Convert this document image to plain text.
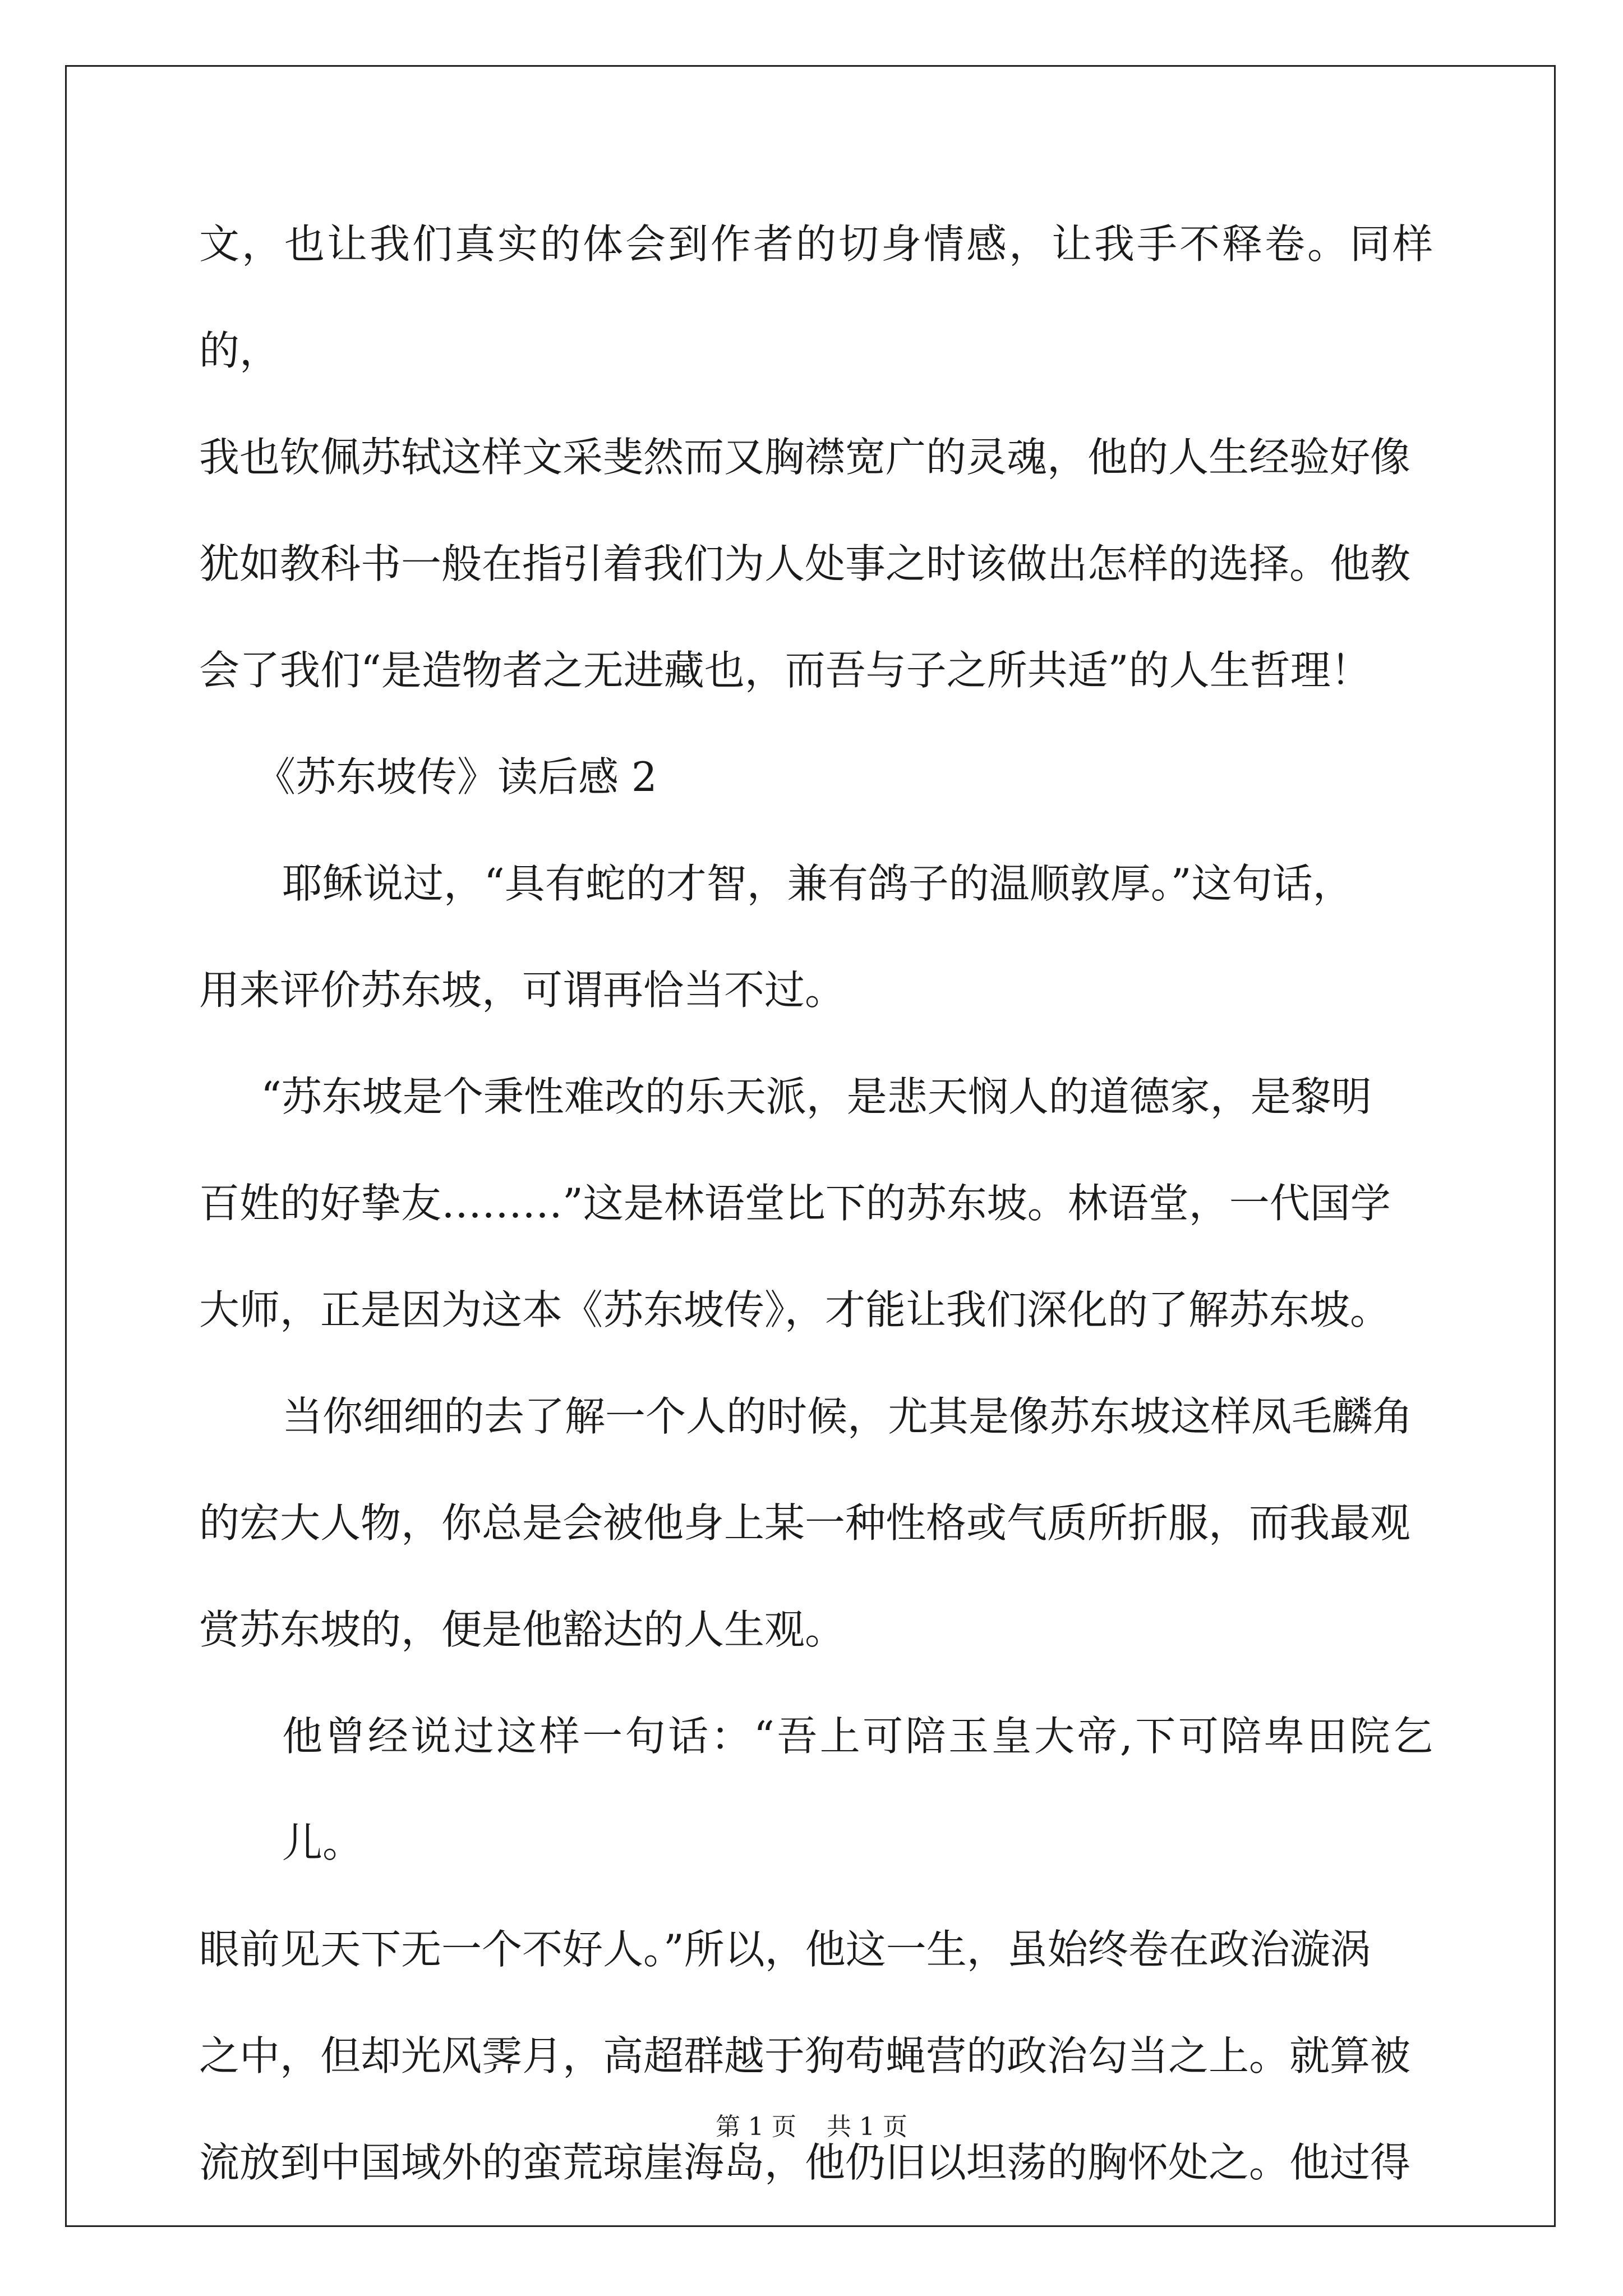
文，也让我们真实的体会到作者的切身情感，让我手不释卷。同样的，
我也钦佩苏轼这样文采斐然而又胸襟宽广的灵魂，他的人生经验好像
犹如教科书一般在指引着我们为人处事之时该做出怎样的选择。他教
会了我们“是造物者之无进藏也，而吾与子之所共适”的人生哲理！
《苏东坡传》读后感 2
耶稣说过，“具有蛇的才智，兼有鸽子的温顺敦厚。”这句话，
用来评价苏东坡，可谓再恰当不过。
“苏东坡是个秉性难改的乐天派，是悲天悯人的道德家，是黎明
百姓的好挚友………”这是林语堂比下的苏东坡。林语堂，一代国学
大师，正是因为这本《苏东坡传》，才能让我们深化的了解苏东坡。
当你细细的去了解一个人的时候，尤其是像苏东坡这样凤毛麟角
的宏大人物，你总是会被他身上某一种性格或气质所折服，而我最观
赏苏东坡的，便是他豁达的人生观。
他曾经说过这样一句话：“吾上可陪玉皇大帝,下可陪卑田院乞儿。
眼前见天下无一个不好人。”所以，他这一生，虽始终卷在政治漩涡
之中，但却光风霁月，高超群越于狗苟蝇营的政治勾当之上。就算被
流放到中国域外的蛮荒琼崖海岛，他仍旧以坦荡的胸怀处之。他过得
第 1 页 共 1 页
